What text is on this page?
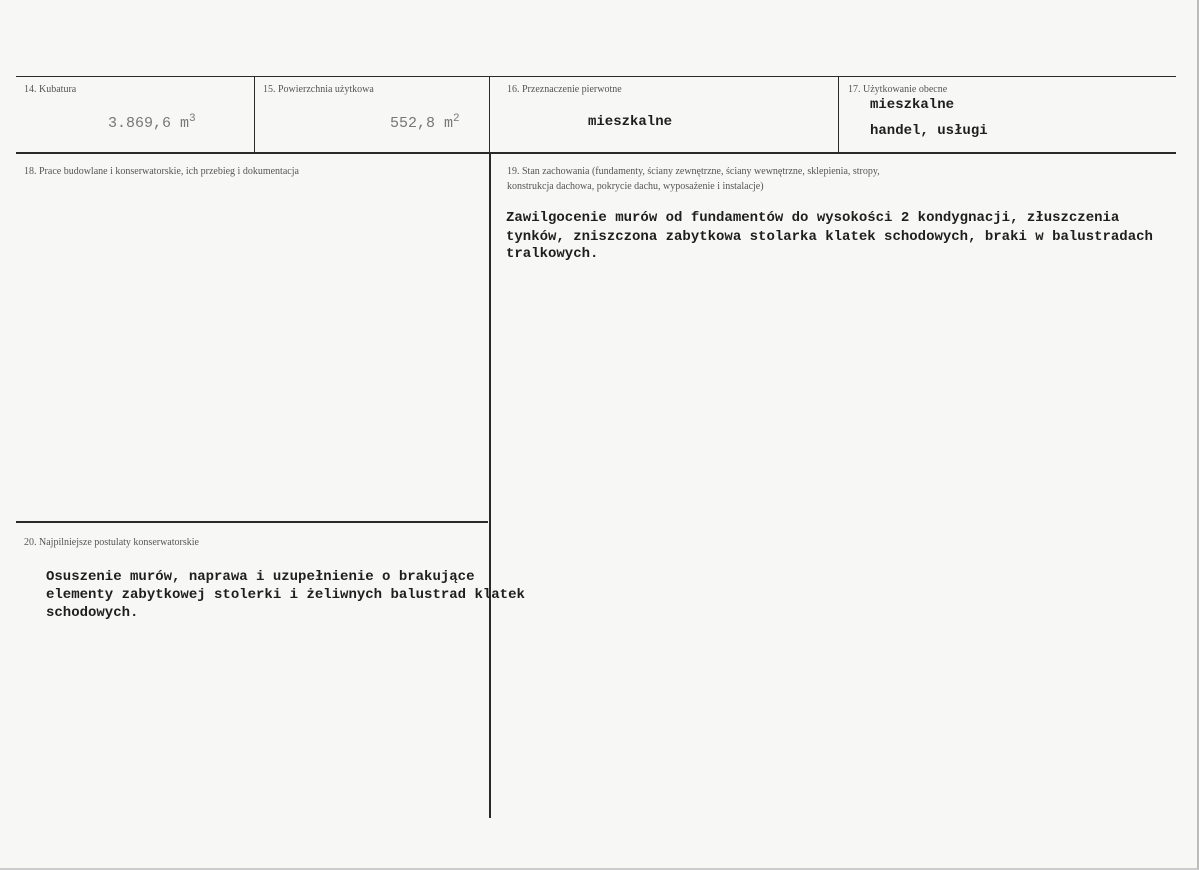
14. Kubatura
3.869,6 $m^3$
15. Powierzchnia użytkowa
552,8 $m^2$
16. Przeznaczenie pierwotne
mieszkalne
17. Użytkowanie obecne
mieszkalne
handel, usługi
18. Prace budowlane i konserwatorskie, ich przebieg i dokumentacja	19. Stan zachowania (fundamenty, ściany zewnętrzne, ściany wewnętrzne, sklepienia, stropy,
konstrukcja dachowa, pokrycie dachu, wyposażenie i instalacje)
Zawilgocenie murów od fundamentów do wysokości 2 kondygnacji, złuszczenia
tynków, zniszczona zabytkowa stolarka klatek schodowych, braki w balustradach
tralkowych.
20. Najpilniejsze postulaty konserwatorskie
Osuszenie murów, naprawa i uzupełnienie o brakujące
elementy zabytkowej stolerki i żeliwnych balustrad klatek
schodowych.
